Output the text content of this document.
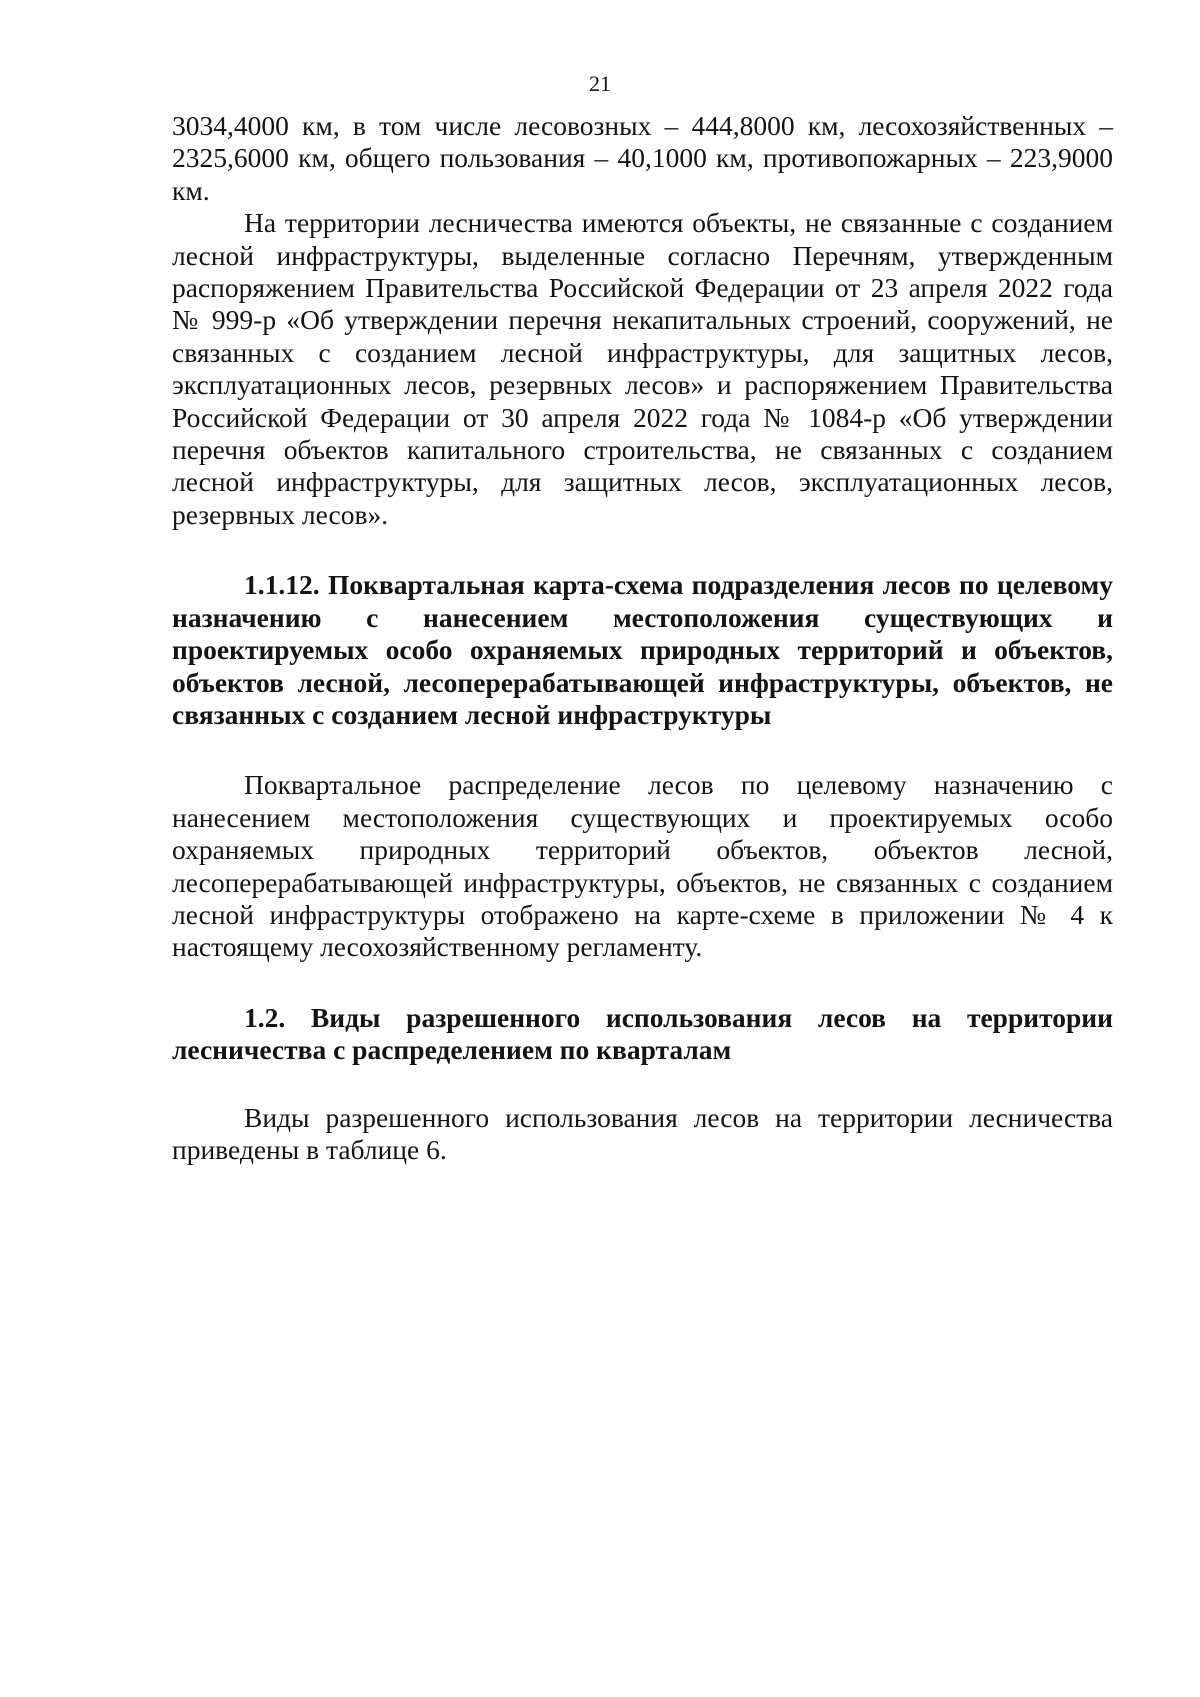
21

3034,4000 км, в том числе лесовозных – 444,8000 км, лесохозяйственных – 2325,6000 км, общего пользования – 40,1000 км, противопожарных – 223,9000 км.

На территории лесничества имеются объекты, не связанные с созданием лесной инфраструктуры, выделенные согласно Перечням, утвержденным распоряжением Правительства Российской Федерации от 23 апреля 2022 года № 999-р «Об утверждении перечня некапитальных строений, сооружений, не связанных с созданием лесной инфраструктуры, для защитных лесов, эксплуатационных лесов, резервных лесов» и распоряжением Правительства Российской Федерации от 30 апреля 2022 года № 1084-р «Об утверждении перечня объектов капитального строительства, не связанных с созданием лесной инфраструктуры, для защитных лесов, эксплуатационных лесов, резервных лесов».

1.1.12. Поквартальная карта-схема подразделения лесов по целевому назначению с нанесением местоположения существующих и проектируемых особо охраняемых природных территорий и объектов, объектов лесной, лесоперерабатывающей инфраструктуры, объектов, не связанных с созданием лесной инфраструктуры

Поквартальное распределение лесов по целевому назначению с нанесением местоположения существующих и проектируемых особо охраняемых природных территорий объектов, объектов лесной, лесоперерабатывающей инфраструктуры, объектов, не связанных с созданием лесной инфраструктуры отображено на карте-схеме в приложении № 4 к настоящему лесохозяйственному регламенту.

1.2. Виды разрешенного использования лесов на территории лесничества с распределением по кварталам

Виды разрешенного использования лесов на территории лесничества приведены в таблице 6.
